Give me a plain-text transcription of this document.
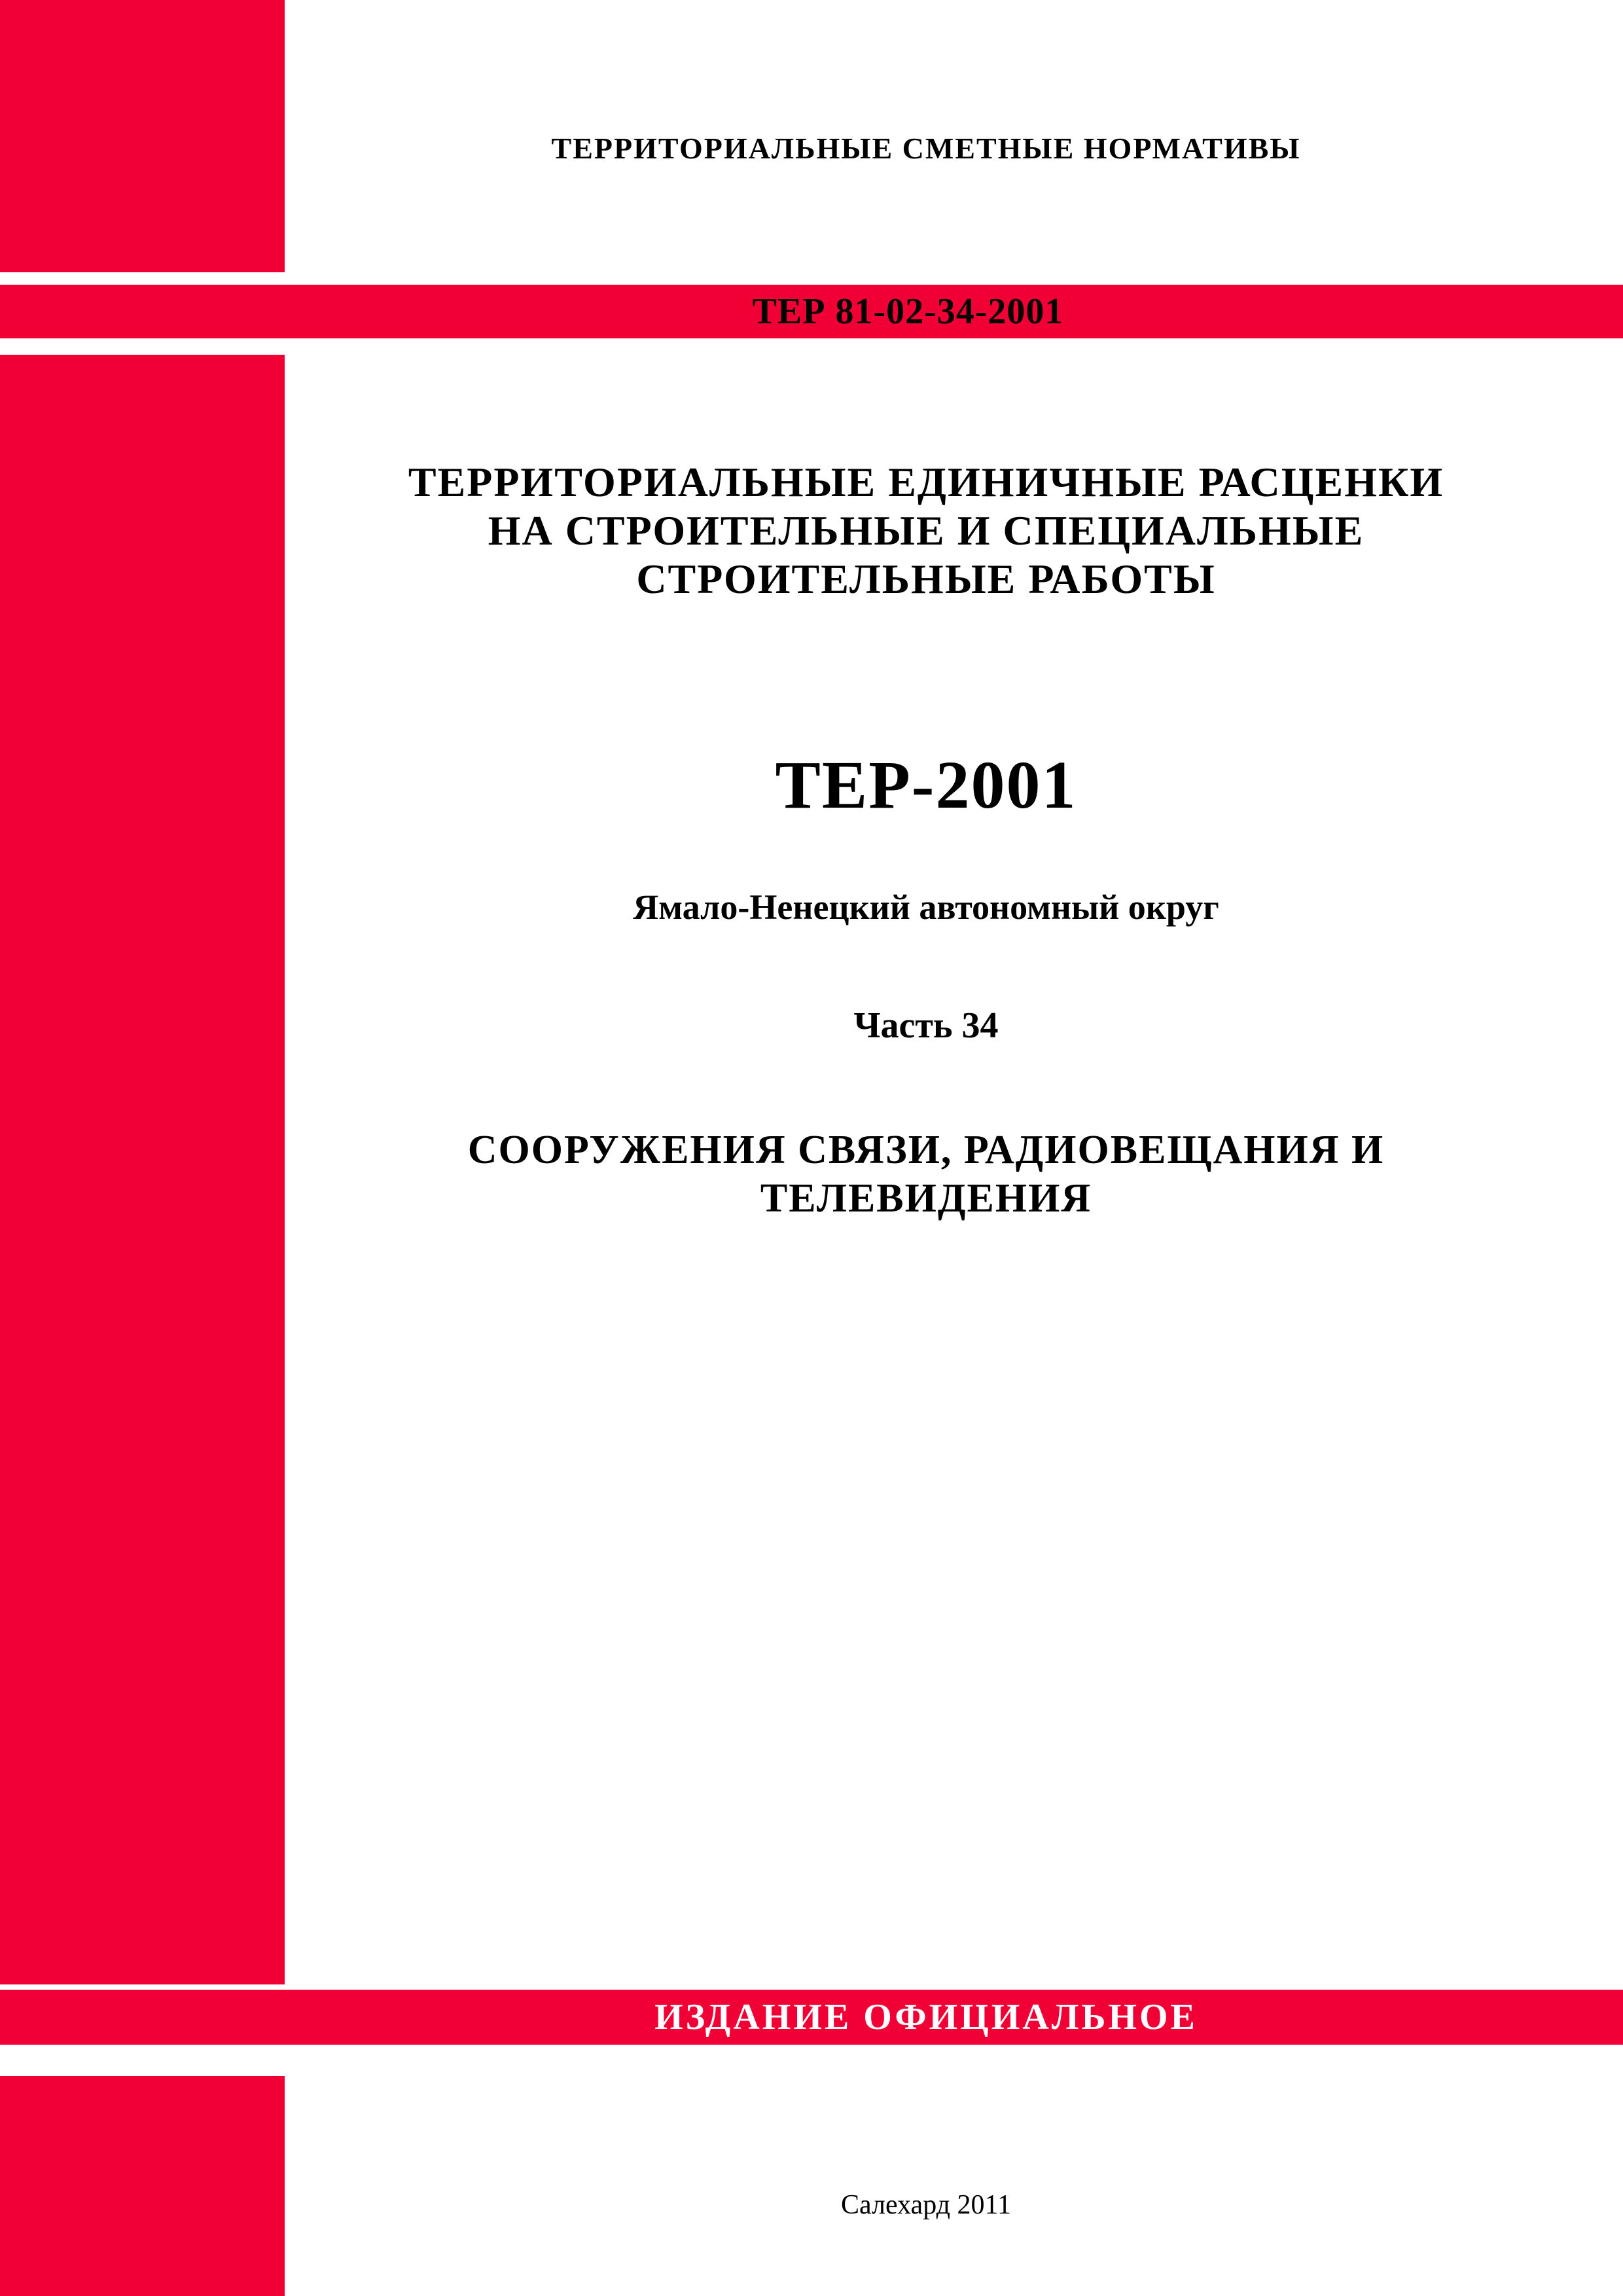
ТЕРРИТОРИАЛЬНЫЕ СМЕТНЫЕ НОРМАТИВЫ

ТЕР 81-02-34-2001
ТЕРРИТОРИАЛЬНЫЕ ЕДИНИЧНЫЕ РАСЦЕНКИ
НА СТРОИТЕЛЬНЫЕ И СПЕЦИАЛЬНЫЕ
СТРОИТЕЛЬНЫЕ РАБОТЫ

ТЕР-2001

Ямало-Ненецкий автономный округ

Часть 34

СООРУЖЕНИЯ СВЯЗИ, РАДИОВЕЩАНИЯ И
ТЕЛЕВИДЕНИЯ

ИЗДАНИЕ ОФИЦИАЛЬНОЕ

Салехард 2011
